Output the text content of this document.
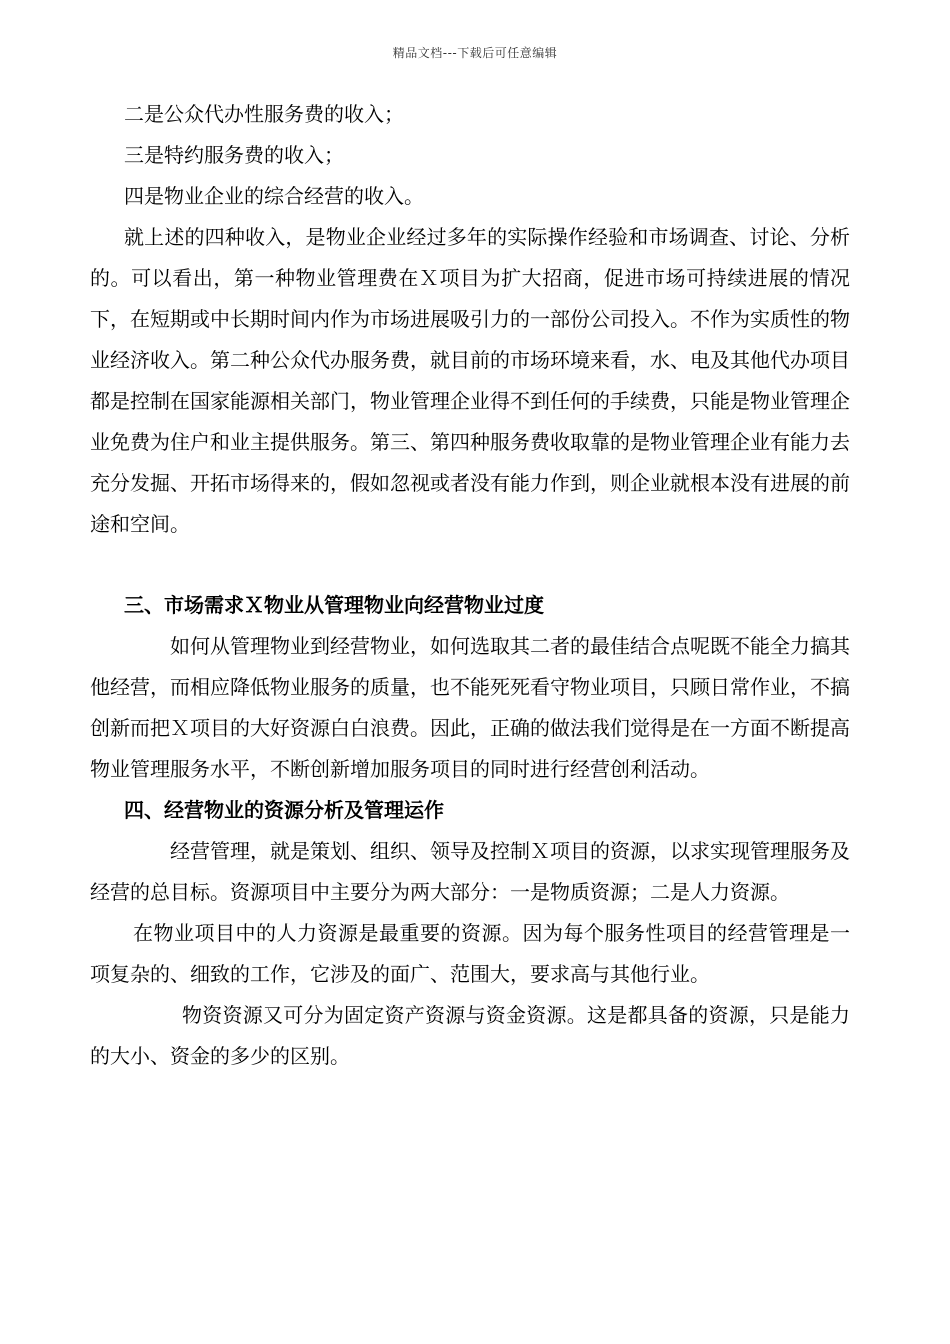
精品文档---下载后可任意编辑
二是公众代办性服务费的收入；
三是特约服务费的收入；
四是物业企业的综合经营的收入。

就上述的四种收入，是物业企业经过多年的实际操作经验和市场调查、讨论、分析的。可以看出，第一种物业管理费在Ｘ项目为扩大招商，促进市场可持续进展的情况下，在短期或中长期时间内作为市场进展吸引力的一部份公司投入。不作为实质性的物业经济收入。第二种公众代办服务费，就目前的市场环境来看，水、电及其他代办项目都是控制在国家能源相关部门，物业管理企业得不到任何的手续费，只能是物业管理企业免费为住户和业主提供服务。第三、第四种服务费收取靠的是物业管理企业有能力去充分发掘、开拓市场得来的，假如忽视或者没有能力作到，则企业就根本没有进展的前途和空间。

三、市场需求Ｘ物业从管理物业向经营物业过度

如何从管理物业到经营物业，如何选取其二者的最佳结合点呢既不能全力搞其他经营，而相应降低物业服务的质量，也不能死死看守物业项目，只顾日常作业，不搞创新而把Ｘ项目的大好资源白白浪费。因此，正确的做法我们觉得是在一方面不断提高物业管理服务水平，不断创新增加服务项目的同时进行经营创利活动。

四、经营物业的资源分析及管理运作

经营管理，就是策划、组织、领导及控制Ｘ项目的资源，以求实现管理服务及经营的总目标。资源项目中主要分为两大部分：一是物质资源；二是人力资源。

在物业项目中的人力资源是最重要的资源。因为每个服务性项目的经营管理是一项复杂的、细致的工作，它涉及的面广、范围大，要求高与其他行业。

物资资源又可分为固定资产资源与资金资源。这是都具备的资源，只是能力的大小、资金的多少的区别。
